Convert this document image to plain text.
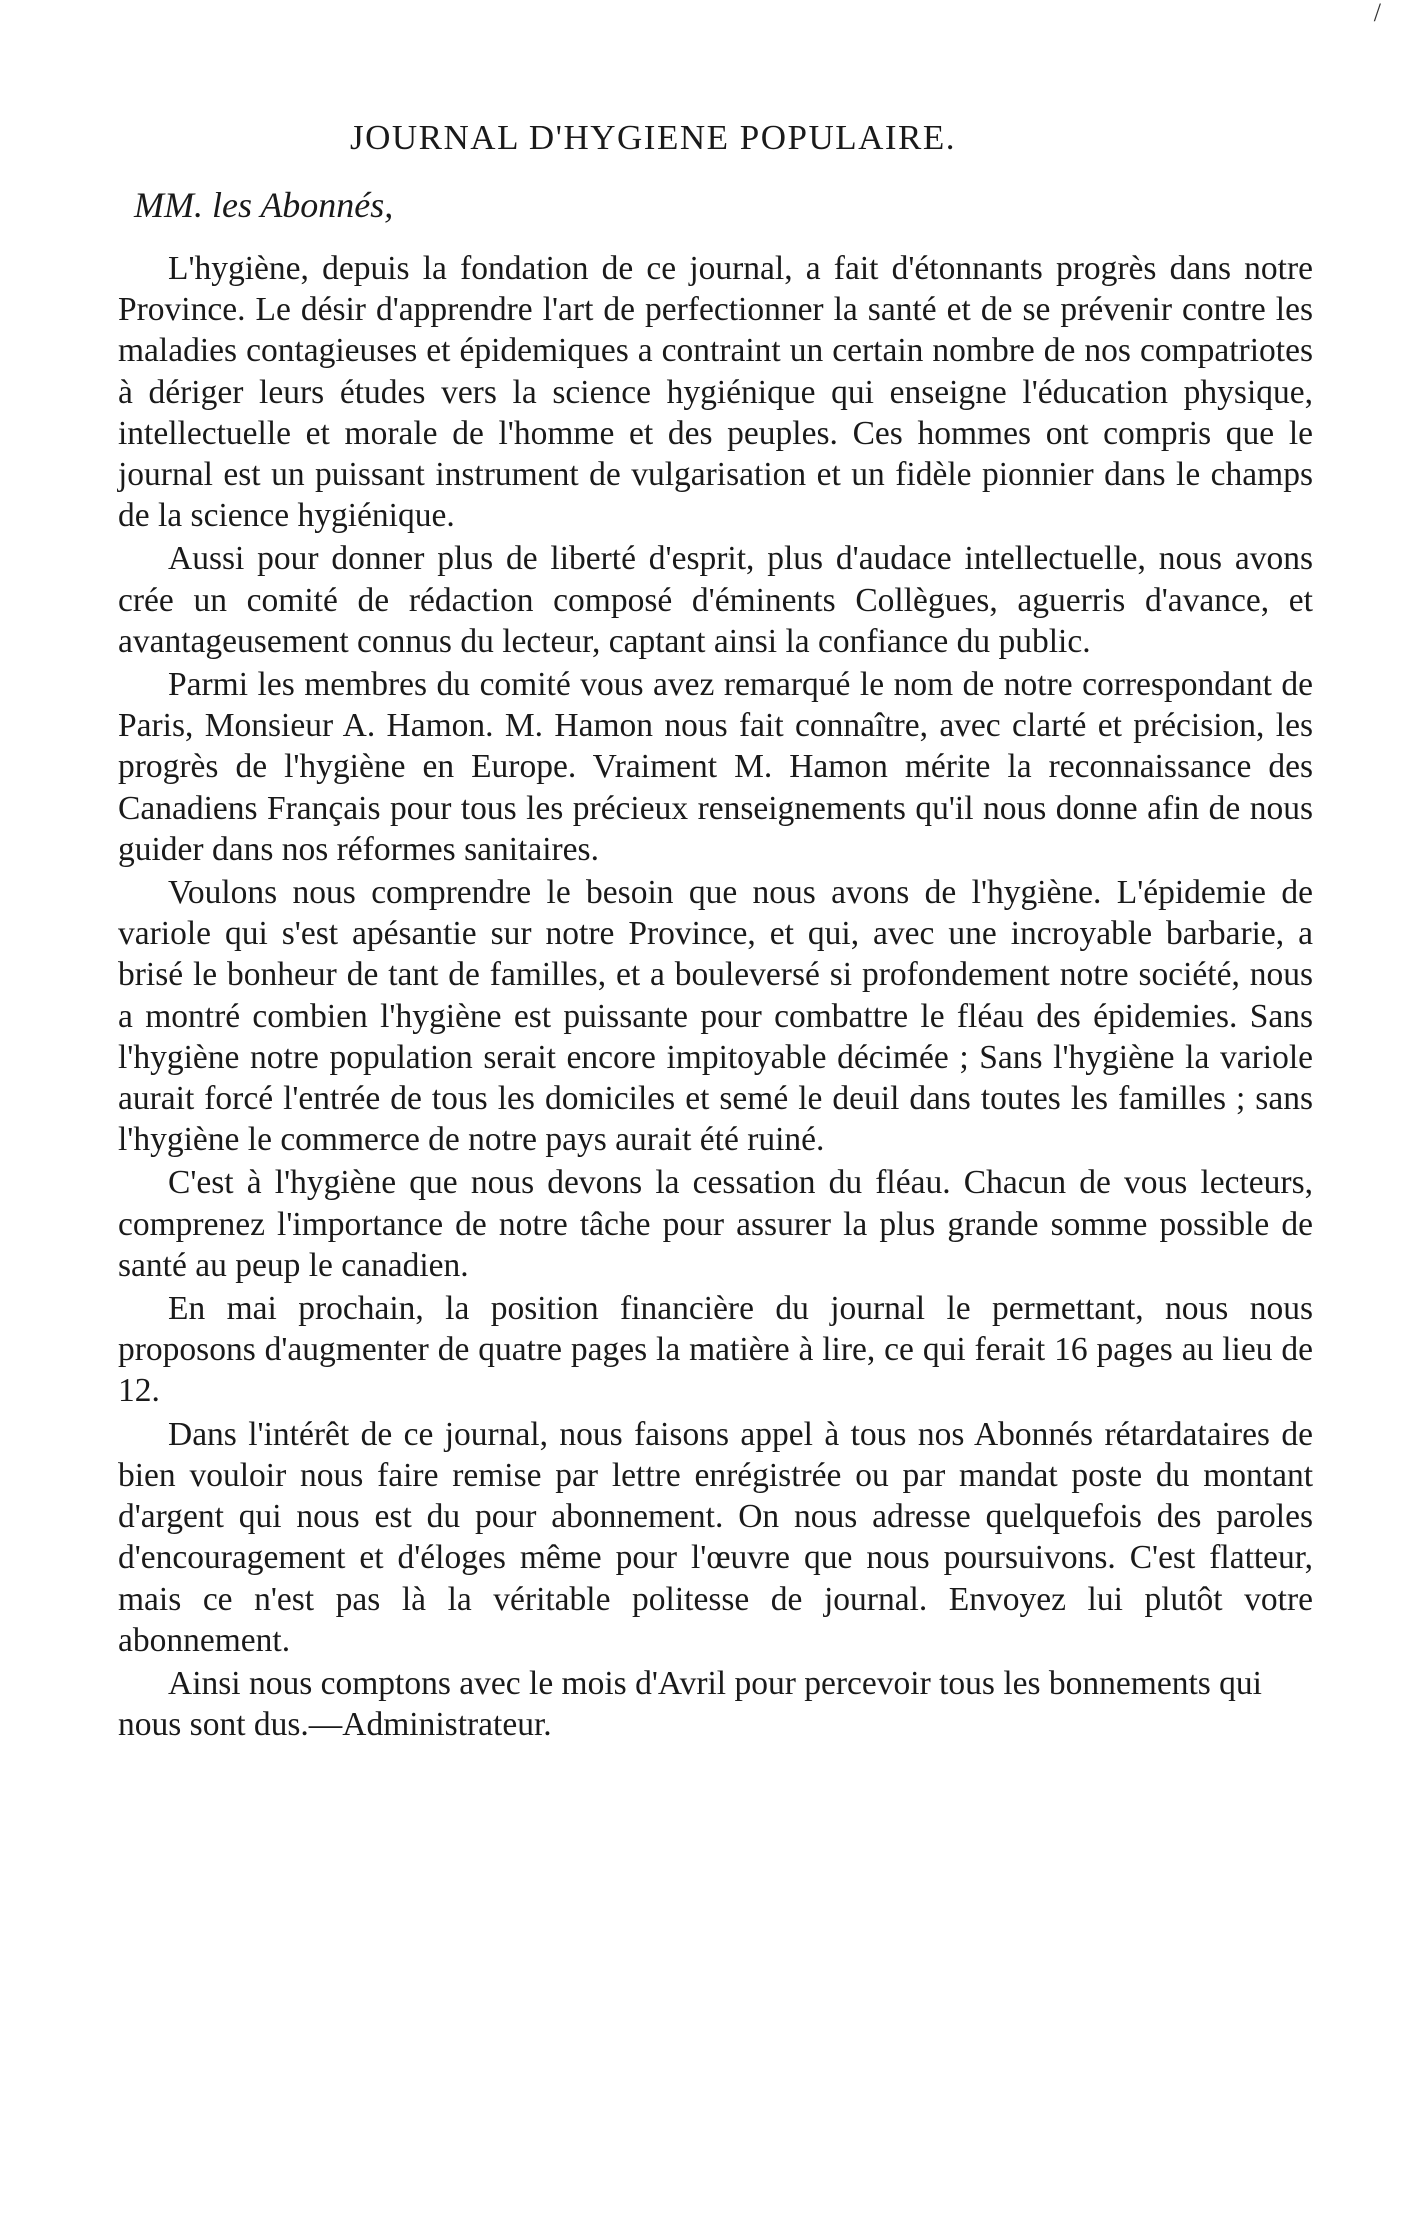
/
JOURNAL D'HYGIENE POPULAIRE.
MM. les Abonnés,

L'hygiène, depuis la fondation de ce journal, a fait d'étonnants progrès dans notre Province. Le désir d'apprendre l'art de perfectionner la santé et de se prévenir contre les maladies contagieuses et épidemiques a contraint un certain nombre de nos compatriotes à dériger leurs études vers la science hygiénique qui enseigne l'éducation physique, intellectuelle et morale de l'homme et des peuples. Ces hommes ont compris que le journal est un puissant instrument de vulgarisation et un fidèle pionnier dans le champs de la science hygiénique.

Aussi pour donner plus de liberté d'esprit, plus d'audace intellectuelle, nous avons crée un comité de rédaction composé d'éminents Collègues, aguerris d'avance, et avantageusement connus du lecteur, captant ainsi la confiance du public.

Parmi les membres du comité vous avez remarqué le nom de notre correspondant de Paris, Monsieur A. Hamon. M. Hamon nous fait connaître, avec clarté et précision, les progrès de l'hygiène en Europe. Vraiment M. Hamon mérite la reconnaissance des Canadiens Français pour tous les précieux renseignements qu'il nous donne afin de nous guider dans nos réformes sanitaires.

Voulons nous comprendre le besoin que nous avons de l'hygiène. L'épidemie de variole qui s'est apésantie sur notre Province, et qui, avec une incroyable barbarie, a brisé le bonheur de tant de familles, et a bouleversé si profondement notre société, nous a montré combien l'hygiène est puissante pour combattre le fléau des épidemies. Sans l'hygiène notre population serait encore impitoyable décimée ; Sans l'hygiène la variole aurait forcé l'entrée de tous les domiciles et semé le deuil dans toutes les familles ; sans l'hygiène le commerce de notre pays aurait été ruiné.

C'est à l'hygiène que nous devons la cessation du fléau. Chacun de vous lecteurs, comprenez l'importance de notre tâche pour assurer la plus grande somme possible de santé au peup le canadien.

En mai prochain, la position financière du journal le permettant, nous nous proposons d'augmenter de quatre pages la matière à lire, ce qui ferait 16 pages au lieu de 12.

Dans l'intérêt de ce journal, nous faisons appel à tous nos Abonnés rétardataires de bien vouloir nous faire remise par lettre enrégistrée ou par mandat poste du montant d'argent qui nous est du pour abonnement. On nous adresse quelquefois des paroles d'encouragement et d'éloges même pour l'œuvre que nous poursuivons. C'est flatteur, mais ce n'est pas là la véritable politesse de journal. Envoyez lui plutôt votre abonnement.

Ainsi nous comptons avec le mois d'Avril pour percevoir tous les bonnements qui nous sont dus.—Administrateur.
